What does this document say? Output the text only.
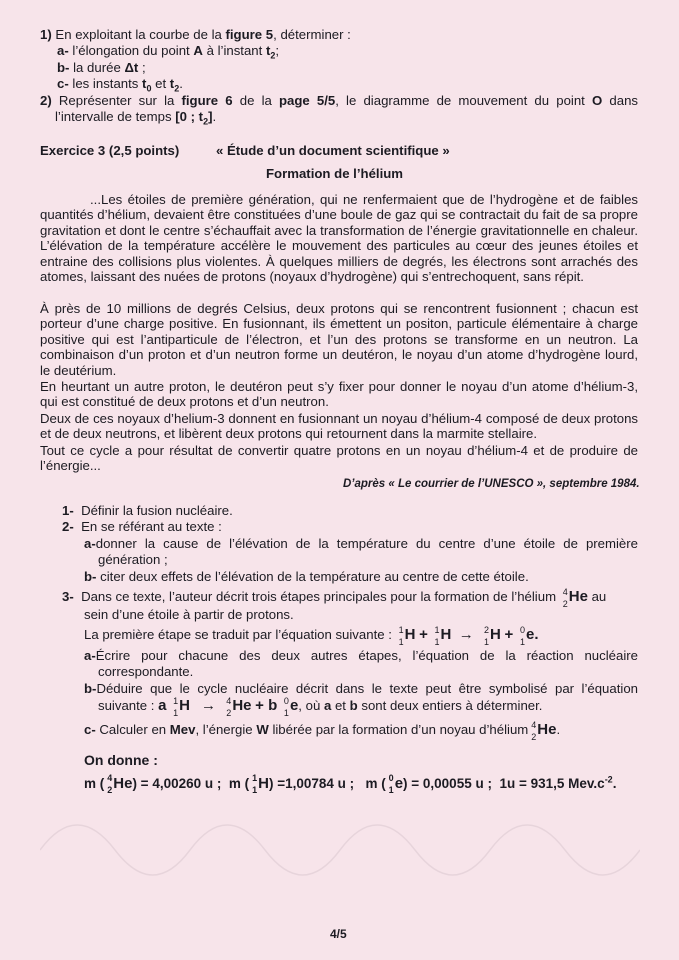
1) En exploitant la courbe de la figure 5, déterminer :
a- l’élongation du point A à l’instant $t_2$;
b- la durée Δt ;
c- les instants $t_0$ et $t_2$.
2) Représenter sur la figure 6 de la page 5/5, le diagramme de mouvement du point O dans
l’intervalle de temps [0 ; $t_2$].
Exercice 3 (2,5 points)	« Étude d’un document scientifique »
Formation de l’hélium
...Les étoiles de première génération, qui ne renfermaient que de l’hydrogène et de faibles quantités d’hélium, devaient être constituées d’une boule de gaz qui se contractait du fait de sa propre gravitation et dont le centre s’échauffait avec la transformation de l’énergie gravitationnelle en chaleur. L’élévation de la température accélère le mouvement des particules au cœur des jeunes étoiles et entraine des collisions plus violentes. À quelques milliers de degrés, les électrons sont arrachés des atomes, laissant des nuées de protons (noyaux d’hydrogène) qui s’entrechoquent, sans répit.
À près de 10 millions de degrés Celsius, deux protons qui se rencontrent fusionnent ; chacun est porteur d’une charge positive. En fusionnant, ils émettent un positon, particule élémentaire à charge positive qui est l’antiparticule de l’électron, et l’un des protons se transforme en un neutron. La combinaison d’un proton et d’un neutron forme un deutéron, le noyau d’un atome d’hydrogène lourd, le deutérium.
En heurtant un autre proton, le deutéron peut s’y fixer pour donner le noyau d’un atome d’hélium-3, qui est constitué de deux protons et d’un neutron.
Deux de ces noyaux d’helium-3 donnent en fusionnant un noyau d’hélium-4 composé de deux protons et de deux neutrons, et libèrent deux protons qui retournent dans la marmite stellaire.
Tout ce cycle a pour résultat de convertir quatre protons en un noyau d’hélium-4 et de produire de l’énergie...
D’après « Le courrier de l’UNESCO », septembre 1984.
1- Définir la fusion nucléaire.
2- En se référant au texte :
a-donner la cause de l’élévation de la température du centre d’une étoile de première
génération ;
b- citer deux effets de l’élévation de la température au centre de cette étoile.
3- Dans ce texte, l’auteur décrit trois étapes principales pour la formation de l’hélium 4
2 He au
sein d’une étoile à partir de protons.
La première étape se traduit par l’équation suivante : 1
1 H + 1
1 H → 2
1 H + 0
1 e.
a-Écrire pour chacune des deux autres étapes, l’équation de la réaction nucléaire
correspondante.
b-Déduire que le cycle nucléaire décrit dans le texte peut être symbolisé par l’équation
suivante : a 1
1 H → 4
2 He + b 0
1 e, où a et b sont deux entiers à déterminer.
c- Calculer en Mev, l’énergie W libérée par la formation d’un noyau d’hélium 4
2 He.
On donne :
m ( 4
2 He) = 4,00260 u ; m ( 1
1 H) =1,00784 u ; m ( 0
1 e) = 0,00055 u ; 1u = 931,5 $Mev.c^{-2}$.
4/5
